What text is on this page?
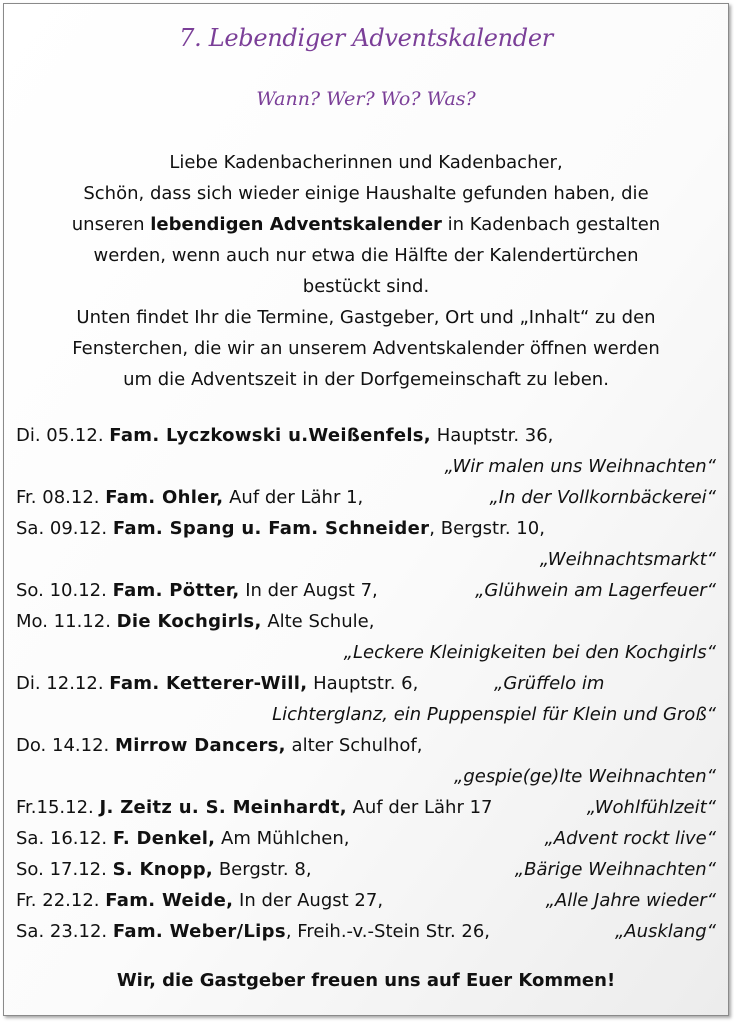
7. Lebendiger Adventskalender
Wann? Wer? Wo? Was?
Liebe Kadenbacherinnen und Kadenbacher,
Schön, dass sich wieder einige Haushalte gefunden haben, die
unseren lebendigen Adventskalender in Kadenbach gestalten
werden, wenn auch nur etwa die Hälfte der Kalendertürchen
bestückt sind.
Unten findet Ihr die Termine, Gastgeber, Ort und „Inhalt“ zu den
Fensterchen, die wir an unserem Adventskalender öffnen werden
um die Adventszeit in der Dorfgemeinschaft zu leben.
Di. 05.12. Fam. Lyczkowski u.Weißenfels, Hauptstr. 36,
„Wir malen uns Weihnachten“
Fr. 08.12. Fam. Ohler, Auf der Lähr 1,	„In der Vollkornbäckerei“
Sa. 09.12. Fam. Spang u. Fam. Schneider, Bergstr. 10,
„Weihnachtsmarkt“
So. 10.12. Fam. Pötter, In der Augst 7,	„Glühwein am Lagerfeuer“
Mo. 11.12. Die Kochgirls, Alte Schule,
„Leckere Kleinigkeiten bei den Kochgirls“
Di. 12.12. Fam. Ketterer-Will, Hauptstr. 6,	„Grüffelo im
Lichterglanz, ein Puppenspiel für Klein und Groß“
Do. 14.12. Mirrow Dancers, alter Schulhof,
„gespie(ge)lte Weihnachten“
Fr.15.12. J. Zeitz u. S. Meinhardt, Auf der Lähr 17	„Wohlfühlzeit“
Sa. 16.12. F. Denkel, Am Mühlchen,	„Advent rockt live“
So. 17.12. S. Knopp, Bergstr. 8,	„Bärige Weihnachten“
Fr. 22.12. Fam. Weide, In der Augst 27,	„Alle Jahre wieder“
Sa. 23.12. Fam. Weber/Lips, Freih.-v.-Stein Str. 26,	„Ausklang“
Wir, die Gastgeber freuen uns auf Euer Kommen!
